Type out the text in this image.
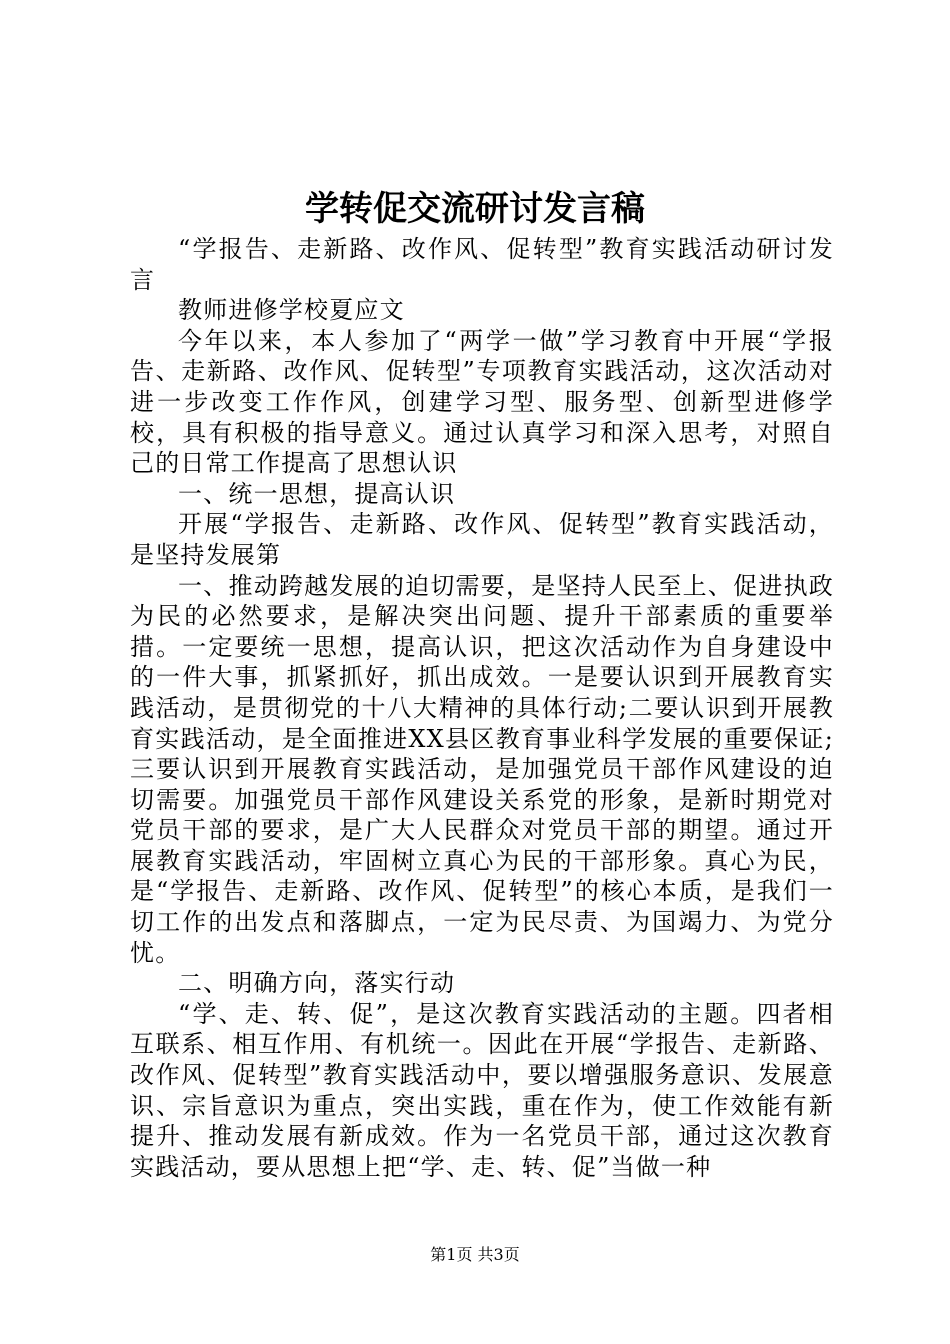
学转促交流研讨发言稿

“学报告、走新路、改作风、促转型”教育实践活动研讨发言

教师进修学校夏应文

今年以来，本人参加了“两学一做”学习教育中开展“学报告、走新路、改作风、促转型”专项教育实践活动，这次活动对进一步改变工作作风，创建学习型、服务型、创新型进修学校，具有积极的指导意义。通过认真学习和深入思考，对照自己的日常工作提高了思想认识

一、统一思想，提高认识

开展“学报告、走新路、改作风、促转型”教育实践活动，是坚持发展第

一、推动跨越发展的迫切需要，是坚持人民至上、促进执政为民的必然要求，是解决突出问题、提升干部素质的重要举措。一定要统一思想，提高认识，把这次活动作为自身建设中的一件大事，抓紧抓好，抓出成效。一是要认识到开展教育实践活动，是贯彻党的十八大精神的具体行动;二要认识到开展教育实践活动，是全面推进XX县区教育事业科学发展的重要保证;三要认识到开展教育实践活动，是加强党员干部作风建设的迫切需要。加强党员干部作风建设关系党的形象，是新时期党对党员干部的要求，是广大人民群众对党员干部的期望。通过开展教育实践活动，牢固树立真心为民的干部形象。真心为民，是“学报告、走新路、改作风、促转型”的核心本质，是我们一切工作的出发点和落脚点，一定为民尽责、为国竭力、为党分忧。

二、明确方向，落实行动

“学、走、转、促”，是这次教育实践活动的主题。四者相互联系、相互作用、有机统一。因此在开展“学报告、走新路、改作风、促转型”教育实践活动中，要以增强服务意识、发展意识、宗旨意识为重点，突出实践，重在作为，使工作效能有新提升、推动发展有新成效。作为一名党员干部，通过这次教育实践活动，要从思想上把“学、走、转、促”当做一种

第1页 共3页
